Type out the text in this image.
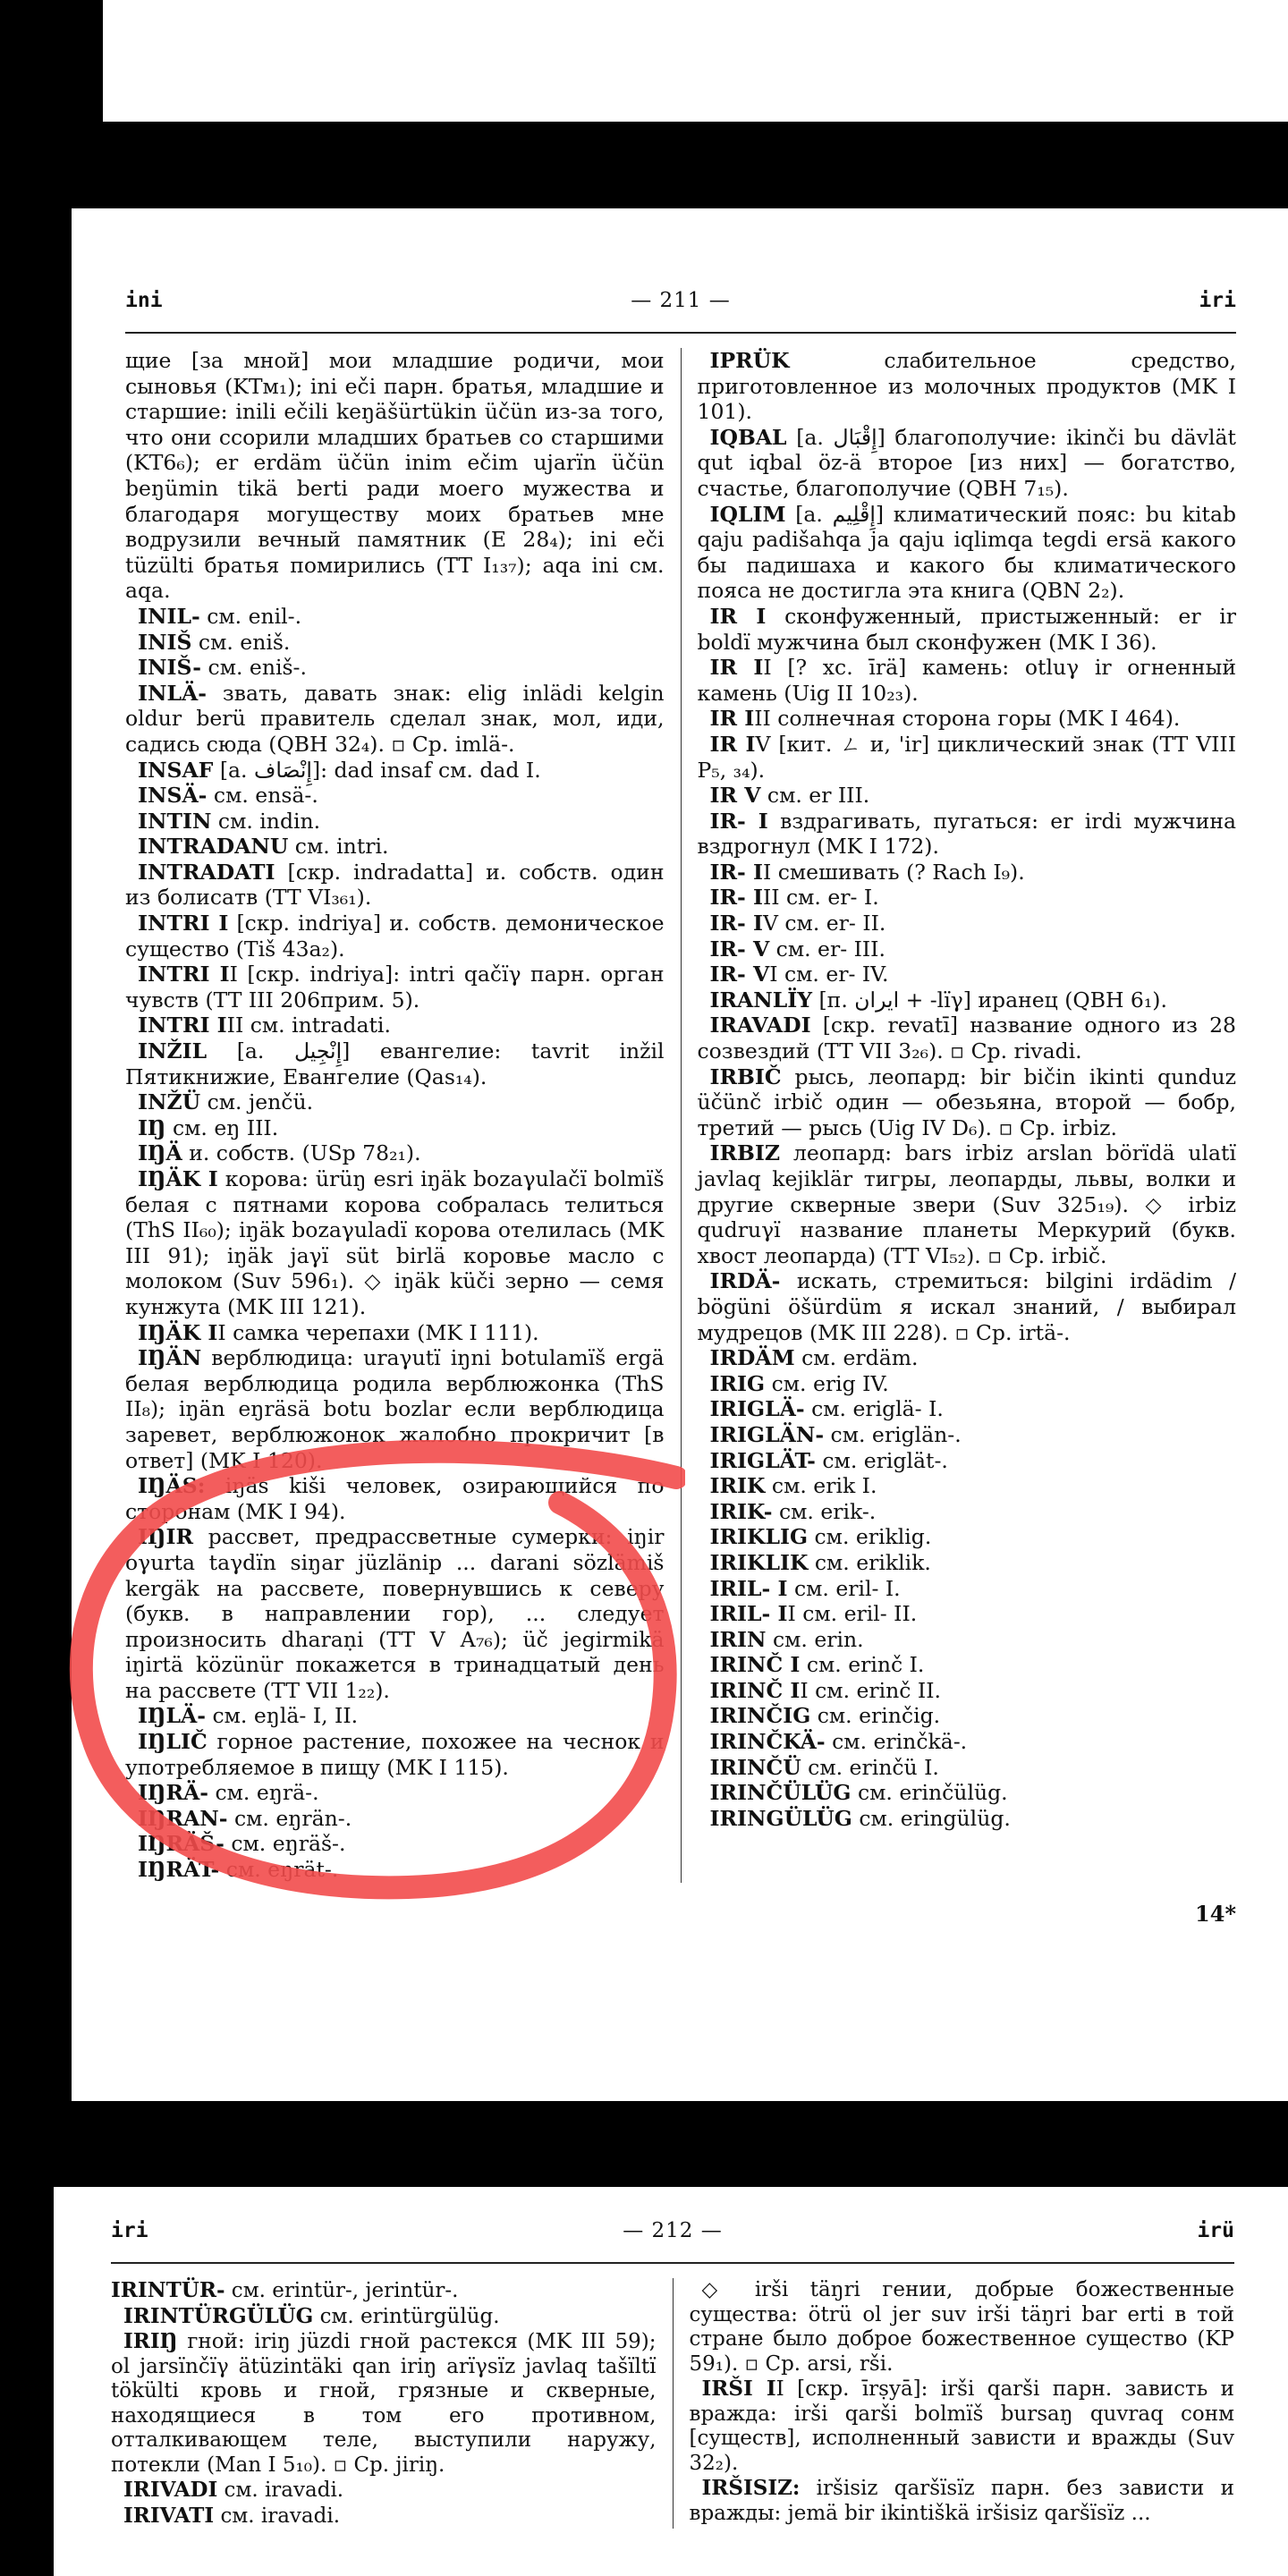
ini	— 211 —	iri

щие [за мной] мои младшие родичи, мои сыновья (KTм₁); ini eči парн. братья, младшие и старшие: inili ečili keŋäšürtükin üčün из-за того, что они ссорили младших братьев со старшими (KT6₆); er erdäm üčün inim ečim ujarïn üčün beŋümin tikä berti ради моего мужества и благодаря могуществу моих братьев мне водрузили вечный памятник (E 28₄); ini eči tüzülti братья помирились (TT I₁₃₇); aqa ini см. aqa.

INIL- см. enil-.

INIŠ см. eniš.

INIŠ- см. eniš-.

INLÄ- звать, давать знак: elig inlädi kelgin oldur berü правитель сделал знак, мол, иди, садись сюда (QBH 32₄). ▫ Ср. imlä-.

INSAF [а. إِنْصَاف]: dad insaf см. dad I.

INSÄ- см. ensä-.

INTIN см. indin.

INTRADANU см. intri.

INTRADATI [скр. indradatta] и. собств. один из болисатв (TT VI₃₆₁).

INTRI I [скр. indriya] и. собств. демоническое существо (Tiš 43а₂).

INTRI II [скр. indriya]: intri qačïγ парн. орган чувств (TT III 206прим. 5).

INTRI III см. intradati.

INŽIL [а. إِنْجِيل] евангелие: tavrit inžil Пятикнижие, Евангелие (Qas₁₄).

INŽÜ см. jenčü.

IŊ см. eŋ III.

IŊÄ и. собств. (USp 78₂₁).

IŊÄK I корова: ürüŋ esri iŋäk bozaγulačï bolmïš белая с пятнами корова собралась телиться (ThS II₆₀); iŋäk bozaγuladï корова отелилась (MK III 91); iŋäk jaγï süt birlä коровье масло с молоком (Suv 596₁). ◇ iŋäk küči зерно — семя кунжута (MK III 121).

IŊÄK II самка черепахи (MK I 111).

IŊÄN верблюдица: uraγutï iŋni botulamïš ergä белая верблюдица родила верблюжонка (ThS II₈); iŋän eŋräsä botu bozlar если верблюдица заревет, верблюжонок жалобно прокричит [в ответ] (MK I 120).

IŊÄS: iŋäs kiši человек, озирающийся по сторонам (MK I 94).

IŊIR рассвет, предрассветные сумерки: iŋir oγurta taγdïn siŋar jüzlänip ... darani sözlämiš kergäk на рассвете, повернувшись к северу (букв. в направлении гор), ... следует произносить dharaṇi (TT V А₇₆); üč jegirmikä iŋirtä közünür покажется в тринадцатый день на рассвете (TT VII 1₂₂).

IŊLÄ- см. eŋlä- I, II.

IŊLIČ горное растение, похожее на чеснок и употребляемое в пищу (MK I 115).

IŊRÄ- см. eŋrä-.

IŊRAN- см. eŋrän-.

IŊRÄŠ- см. eŋräš-.

IŊRÄT- см. eŋrät-.

IPRÜK слабительное средство, приготовленное из молочных продуктов (MK I 101).

IQBAL [а. إِقْبَال] благополучие: ikinči bu dävlät qut iqbal öz-ä второе [из них] — богатство, счастье, благополучие (QBH 7₁₅).

IQLIM [а. إِقْلِيم] климатический пояс: bu kitab qaju padišahqa ja qaju iqlimqa tegdi ersä какого бы падишаха и какого бы климатического пояса не достигла эта книга (QBN 2₂).

IR I сконфуженный, пристыженный: er ir boldï мужчина был сконфужен (MK I 36).

IR II [? хс. īrä] камень: otluγ ir огненный камень (Uig II 10₂₃).

IR III солнечная сторона горы (MK I 464).

IR IV [кит. ㄥ и, 'ir] циклический знак (TT VIII P₅, ₃₄).

IR V см. er III.

IR- I вздрагивать, пугаться: er irdi мужчина вздрогнул (MK I 172).

IR- II смешивать (? Rach I₉).

IR- III см. er- I.

IR- IV см. er- II.

IR- V см. er- III.

IR- VI см. er- IV.

IRANLÏY [п. ایران + -lïγ] иранец (QBH 6₁).

IRAVADI [скр. revatī] название одного из 28 созвездий (TT VII 3₂₆). ▫ Ср. rivadi.

IRBIČ рысь, леопард: bir bičin ikinti qunduz üčünč irbič один — обезьяна, второй — бобр, третий — рысь (Uig IV D₆). ▫ Ср. irbiz.

IRBIZ леопард: bars irbiz arslan börïdä ulatï javlaq kejiklär тигры, леопарды, львы, волки и другие скверные звери (Suv 325₁₉). ◇ irbiz qudruγï название планеты Меркурий (букв. хвост леопарда) (TT VI₅₂). ▫ Ср. irbič.

IRDÄ- искать, стремиться: bilgini irdädim / bögüni öšürdüm я искал знаний, / выбирал мудрецов (MK III 228). ▫ Ср. irtä-.

IRDÄM см. erdäm.

IRIG см. erig IV.

IRIGLÄ- см. eriglä- I.

IRIGLÄN- см. eriglän-.

IRIGLÄT- см. eriglät-.

IRIK см. erik I.

IRIK- см. erik-.

IRIKLIG см. eriklig.

IRIKLIK см. eriklik.

IRIL- I см. eril- I.

IRIL- II см. eril- II.

IRIN см. erin.

IRINČ I см. erinč I.

IRINČ II см. erinč II.

IRINČIG см. erinčig.

IRINČKÄ- см. erinčkä-.

IRINČÜ см. erinčü I.

IRINČÜLÜG см. erinčülüg.

IRINGÜLÜG см. eringülüg.

14*
iri	— 212 —	irü

IRINTÜR- см. erintür-, jerintür-.

IRINTÜRGÜLÜG см. erintürgülüg.

IRIŊ гной: iriŋ jüzdi гной растекся (MK III 59); ol jarsïnčïγ ätüzintäki qan iriŋ arïγsïz javlaq tašïltï tökülti кровь и гной, грязные и скверные, находящиеся в том его противном, отталкивающем теле, выступили наружу, потекли (Man I 5₁₀). ▫ Ср. jiriŋ.

IRIVADI см. iravadi.

IRIVATI см. iravadi.

◇ irši täŋri гении, добрые божественные существа: ötrü ol jer suv irši täŋri bar erti в той стране было доброе божественное существо (KP 59₁). ▫ Ср. arsi, rši.

IRŠI II [скр. īrṣyā]: irši qarši парн. зависть и вражда: irši qarši bolmïš bursaŋ quvraq сонм [существ], исполненный зависти и вражды (Suv 32₂).

IRŠISIZ: iršisiz qaršïsïz парн. без зависти и вражды: jemä bir ikintiškä iršisiz qaršïsïz ...
